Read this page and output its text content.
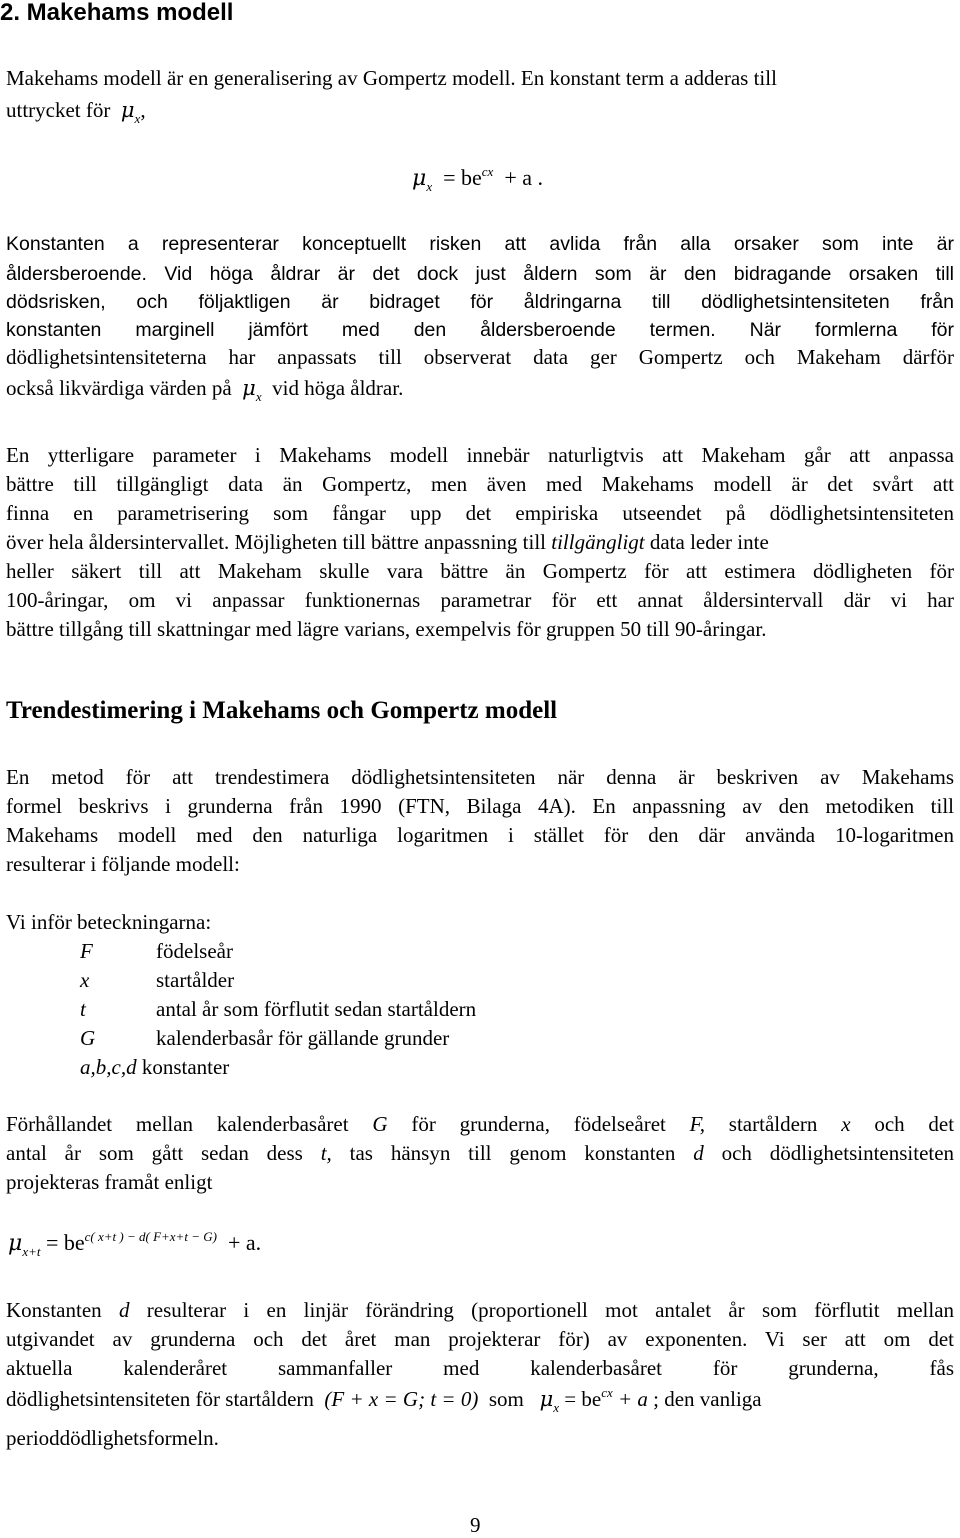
2. Makehams modell
Makehams modell är en generalisering av Gompertz modell. En konstant term a adderas till
uttrycket för $\mu_x$,
$\mu_x = be^{cx} + a$ .
Konstanten a representerar konceptuellt risken att avlida från alla orsaker som inte är
åldersberoende. Vid höga åldrar är det dock just åldern som är den bidragande orsaken till
dödsrisken, och följaktligen är bidraget för åldringarna till dödlighetsintensiteten från
konstanten marginell jämfört med den åldersberoende termen. När formlerna för
dödlighetsintensiteterna har anpassats till observerat data ger Gompertz och Makeham därför
också likvärdiga värden på $\mu_x$ vid höga åldrar.
En ytterligare parameter i Makehams modell innebär naturligtvis att Makeham går att anpassa
bättre till tillgängligt data än Gompertz, men även med Makehams modell är det svårt att
finna en parametrisering som fångar upp det empiriska utseendet på dödlighetsintensiteten
över hela åldersintervallet. Möjligheten till bättre anpassning till tillgängligt data leder inte
heller säkert till att Makeham skulle vara bättre än Gompertz för att estimera dödligheten för
100-åringar, om vi anpassar funktionernas parametrar för ett annat åldersintervall där vi har
bättre tillgång till skattningar med lägre varians, exempelvis för gruppen 50 till 90-åringar.
Trendestimering i Makehams och Gompertz modell
En metod för att trendestimera dödlighetsintensiteten när denna är beskriven av Makehams
formel beskrivs i grunderna från 1990 (FTN, Bilaga 4A). En anpassning av den metodiken till
Makehams modell med den naturliga logaritmen i stället för den där använda 10-logaritmen
resulterar i följande modell:
Vi inför beteckningarna:
F	födelseår
x	startålder
t	antal år som förflutit sedan startåldern
G	kalenderbasår för gällande grunder
a,b,c,d konstanter
Förhållandet mellan kalenderbasåret G för grunderna, födelseåret F, startåldern x och det
antal år som gått sedan dess t, tas hänsyn till genom konstanten d och dödlighetsintensiteten
projekteras framåt enligt
$\mu_{x+t} = be^{c( x+t ) - d( F+x+t - G)} + a$.
Konstanten d resulterar i en linjär förändring (proportionell mot antalet år som förflutit mellan
utgivandet av grunderna och det året man projekterar för) av exponenten. Vi ser att om det
aktuella kalenderåret sammanfaller med kalenderbasåret för grunderna, fås
dödlighetsintensiteten för startåldern (F + x = G; t = 0) som $\mu_x = be^{cx} + a$ ; den vanliga
perioddödlighetsformeln.
9
